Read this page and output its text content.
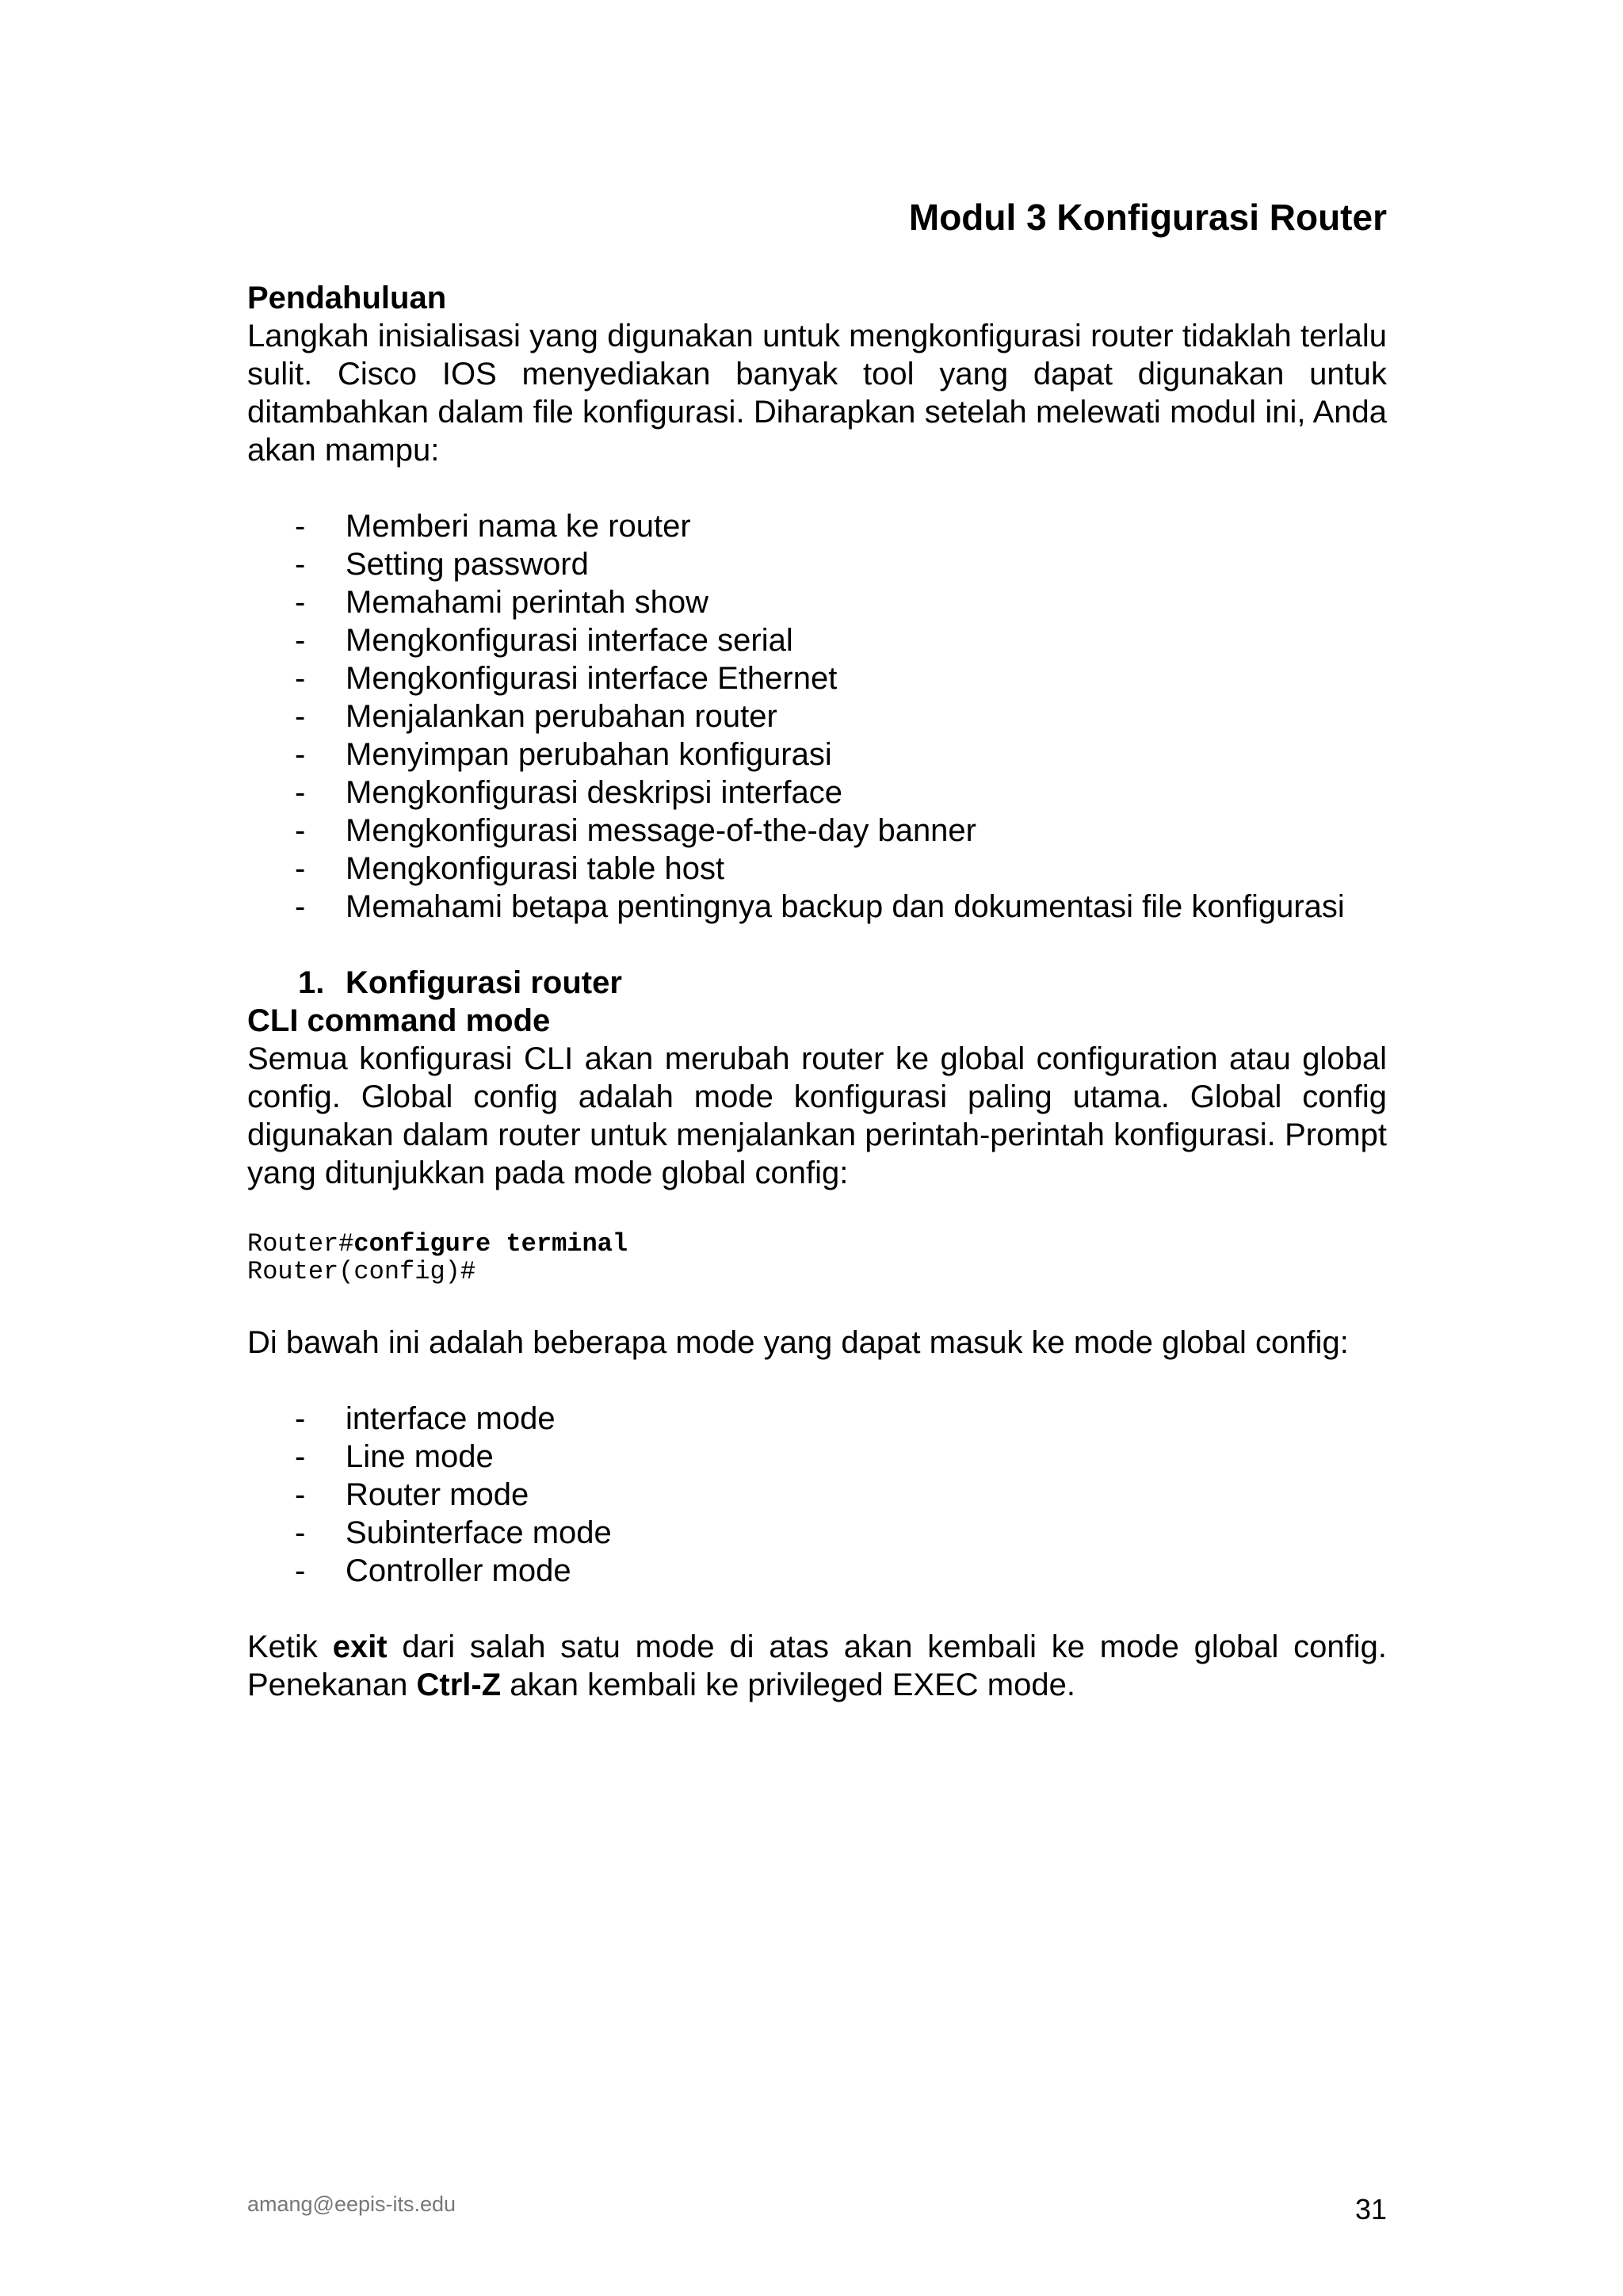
Modul 3 Konfigurasi Router
Pendahuluan

Langkah inisialisasi yang digunakan untuk mengkonfigurasi router tidaklah terlalu sulit. Cisco IOS menyediakan banyak tool yang dapat digunakan untuk ditambahkan dalam file konfigurasi. Diharapkan setelah melewati modul ini, Anda akan mampu:

- Memberi nama ke router
- Setting password
- Memahami perintah show
- Mengkonfigurasi interface serial
- Mengkonfigurasi interface Ethernet
- Menjalankan perubahan router
- Menyimpan perubahan konfigurasi
- Mengkonfigurasi deskripsi interface
- Mengkonfigurasi message-of-the-day banner
- Mengkonfigurasi table host
- Memahami betapa pentingnya backup dan dokumentasi file konfigurasi
1. Konfigurasi router
CLI command mode

Semua konfigurasi CLI akan merubah router ke global configuration atau global config. Global config adalah mode konfigurasi paling utama. Global config digunakan dalam router untuk menjalankan perintah-perintah konfigurasi. Prompt yang ditunjukkan pada mode global config:

Router#configure terminal
Router(config)#

Di bawah ini adalah beberapa mode yang dapat masuk ke mode global config:

- interface mode
- Line mode
- Router mode
- Subinterface mode
- Controller mode

Ketik exit dari salah satu mode di atas akan kembali ke mode global config. Penekanan Ctrl-Z akan kembali ke privileged EXEC mode.

amang@eepis-its.edu	31
